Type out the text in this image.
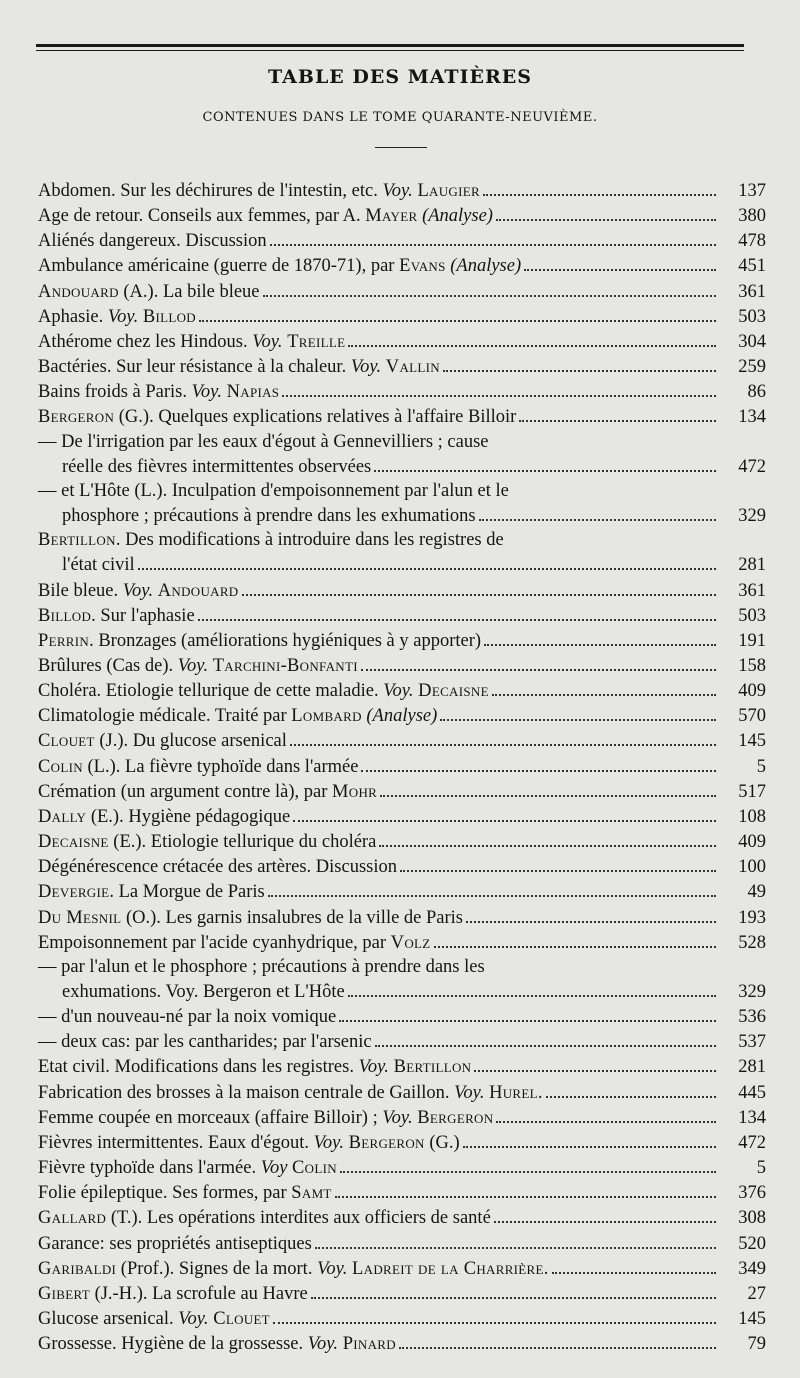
TABLE DES MATIÈRES
CONTENUES DANS LE TOME QUARANTE-NEUVIÈME.
Abdomen. Sur les déchirures de l'intestin, etc. Voy. Laugier	137
Age de retour. Conseils aux femmes, par A. Mayer (Analyse)	380
Aliénés dangereux. Discussion	478
Ambulance américaine (guerre de 1870-71), par Evans (Analyse)	451
Andouard (A.). La bile bleue	361
Aphasie. Voy. Billod	503
Athérome chez les Hindous. Voy. Treille	304
Bactéries. Sur leur résistance à la chaleur. Voy. Vallin	259
Bains froids à Paris. Voy. Napias	86
Bergeron (G.). Quelques explications relatives à l'affaire Billoir	134
— De l'irrigation par les eaux d'égout à Gennevilliers ; cause
réelle des fièvres intermittentes observées	472
— et L'Hôte (L.). Inculpation d'empoisonnement par l'alun et le
phosphore ; précautions à prendre dans les exhumations	329
Bertillon. Des modifications à introduire dans les registres de
l'état civil	281
Bile bleue. Voy. Andouard	361
Billod. Sur l'aphasie	503
Perrin. Bronzages (améliorations hygiéniques à y apporter)	191
Brûlures (Cas de). Voy. Tarchini-Bonfanti	158
Choléra. Etiologie tellurique de cette maladie. Voy. Decaisne	409
Climatologie médicale. Traité par Lombard (Analyse)	570
Clouet (J.). Du glucose arsenical	145
Colin (L.). La fièvre typhoïde dans l'armée	5
Crémation (un argument contre là), par Mohr	517
Dally (E.). Hygiène pédagogique	108
Decaisne (E.). Etiologie tellurique du choléra	409
Dégénérescence crétacée des artères. Discussion	100
Devergie. La Morgue de Paris	49
Du Mesnil (O.). Les garnis insalubres de la ville de Paris	193
Empoisonnement par l'acide cyanhydrique, par Volz	528
— par l'alun et le phosphore ; précautions à prendre dans les
exhumations. Voy. Bergeron et L'Hôte	329
— d'un nouveau-né par la noix vomique	536
— deux cas: par les cantharides; par l'arsenic	537
Etat civil. Modifications dans les registres. Voy. Bertillon	281
Fabrication des brosses à la maison centrale de Gaillon. Voy. Hurel.	445
Femme coupée en morceaux (affaire Billoir) ; Voy. Bergeron	134
Fièvres intermittentes. Eaux d'égout. Voy. Bergeron (G.)	472
Fièvre typhoïde dans l'armée. Voy Colin	5
Folie épileptique. Ses formes, par Samt	376
Gallard (T.). Les opérations interdites aux officiers de santé	308
Garance: ses propriétés antiseptiques	520
Garibaldi (Prof.). Signes de la mort. Voy. Ladreit de la Charrière.	349
Gibert (J.-H.). La scrofule au Havre	27
Glucose arsenical. Voy. Clouet	145
Grossesse. Hygiène de la grossesse. Voy. Pinard	79
